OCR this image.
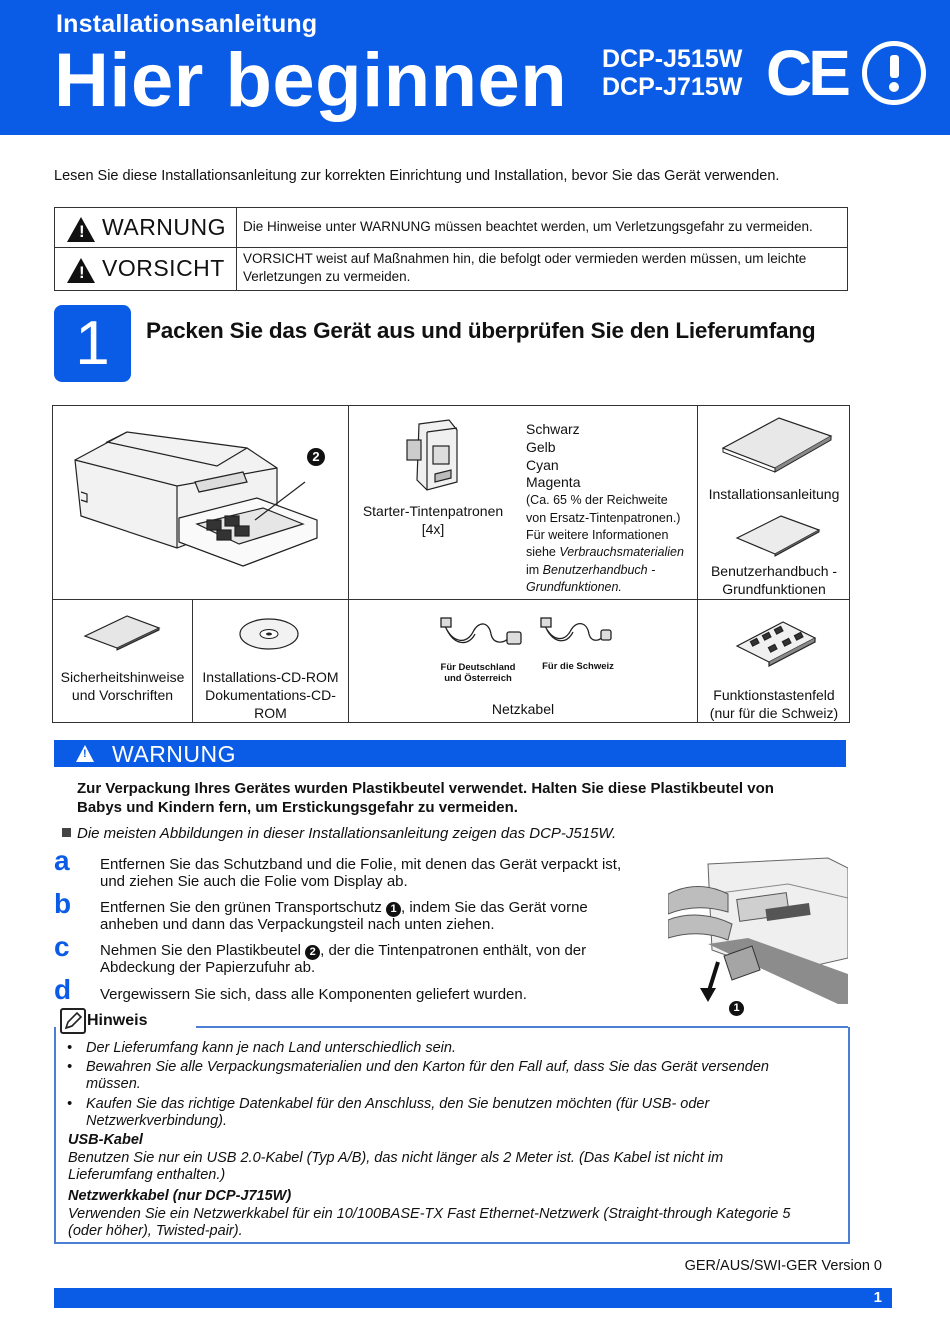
Installationsanleitung
Hier beginnen DCP-J515W
DCP-J715W CE
Lesen Sie diese Installationsanleitung zur korrekten Einrichtung und Installation, bevor Sie das Gerät verwenden.
! WARNUNG Die Hinweise unter WARNUNG müssen beachtet werden, um Verletzungsgefahr zu vermeiden.
! VORSICHT VORSICHT weist auf Maßnahmen hin, die befolgt oder vermieden werden müssen, um leichte
Verletzungen zu vermeiden.
1	Packen Sie das Gerät aus und überprüfen Sie den Lieferumfang
2
Starter-Tintenpatronen
[4x]
Schwarz
Gelb
Cyan
Magenta
(Ca. 65 % der Reichweite
von Ersatz-Tintenpatronen.)
Für weitere Informationen
siehe Verbrauchsmaterialien
im Benutzerhandbuch -
Grundfunktionen.
Installationsanleitung
Benutzerhandbuch -
Grundfunktionen
Sicherheitshinweise
und Vorschriften
Installations-CD-ROM
Dokumentations-CD-
ROM
Für Deutschland
und Österreich
Für die Schweiz
Netzkabel
Funktionstastenfeld
(nur für die Schweiz)
! WARNUNG
Zur Verpackung Ihres Gerätes wurden Plastikbeutel verwendet. Halten Sie diese Plastikbeutel von
Babys und Kindern fern, um Erstickungsgefahr zu vermeiden.
Die meisten Abbildungen in dieser Installationsanleitung zeigen das DCP-J515W.
a Entfernen Sie das Schutzband und die Folie, mit denen das Gerät verpackt ist,
und ziehen Sie auch die Folie vom Display ab.
b Entfernen Sie den grünen Transportschutz 1 , indem Sie das Gerät vorne
anheben und dann das Verpackungsteil nach unten ziehen.
c Nehmen Sie den Plastikbeutel 2 , der die Tintenpatronen enthält, von der
Abdeckung der Papierzufuhr ab.
d Vergewissern Sie sich, dass alle Komponenten geliefert wurden.
1
Hinweis
• Der Lieferumfang kann je nach Land unterschiedlich sein.
• Bewahren Sie alle Verpackungsmaterialien und den Karton für den Fall auf, dass Sie das Gerät versenden
müssen.
• Kaufen Sie das richtige Datenkabel für den Anschluss, den Sie benutzen möchten (für USB- oder
Netzwerkverbindung).
USB-Kabel
Benutzen Sie nur ein USB 2.0-Kabel (Typ A/B), das nicht länger als 2 Meter ist. (Das Kabel ist nicht im
Lieferumfang enthalten.)
Netzwerkkabel (nur DCP-J715W)
Verwenden Sie ein Netzwerkkabel für ein 10/100BASE-TX Fast Ethernet-Netzwerk (Straight-through Kategorie 5
(oder höher), Twisted-pair).
GER/AUS/SWI-GER Version 0
1
